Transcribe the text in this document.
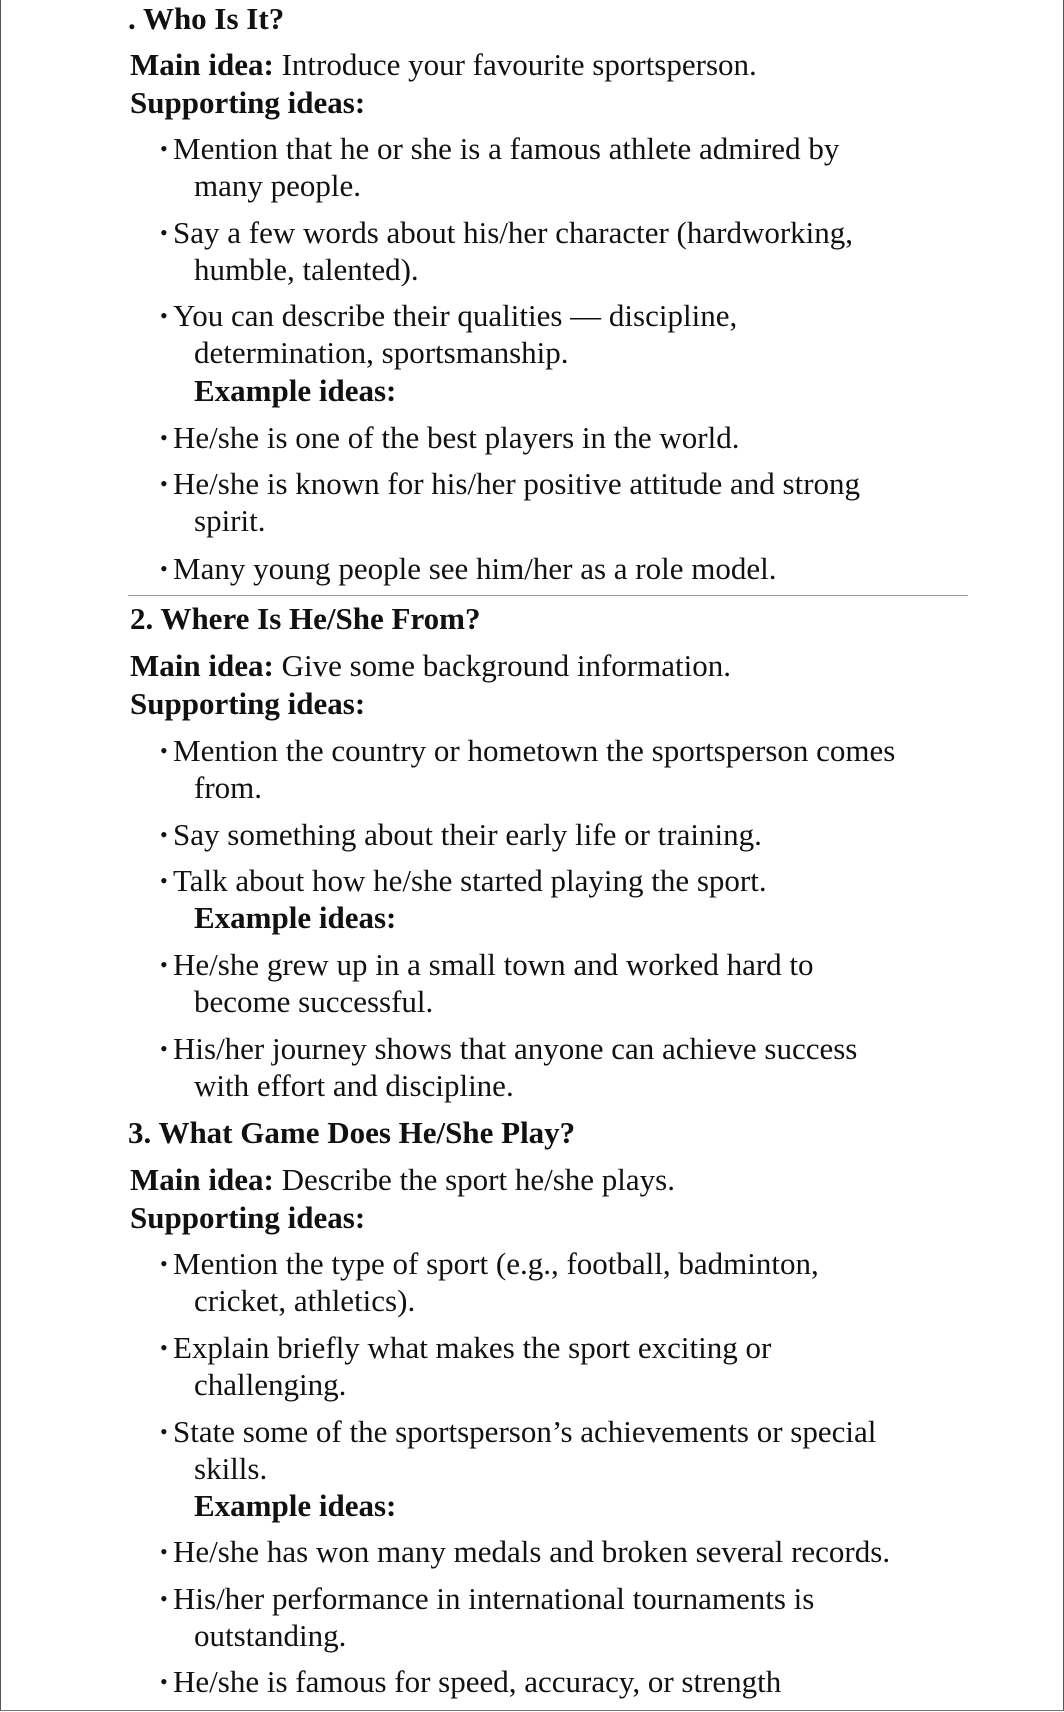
. Who Is It?
Main idea: Introduce your favourite sportsperson.
Supporting ideas:
• Mention that he or she is a famous athlete admired by
many people.
• Say a few words about his/her character (hardworking,
humble, talented).
• You can describe their qualities — discipline,
determination, sportsmanship.
Example ideas:
• He/she is one of the best players in the world.
• He/she is known for his/her positive attitude and strong
spirit.
• Many young people see him/her as a role model.
2. Where Is He/She From?
Main idea: Give some background information.
Supporting ideas:
• Mention the country or hometown the sportsperson comes
from.
• Say something about their early life or training.
• Talk about how he/she started playing the sport.
Example ideas:
• He/she grew up in a small town and worked hard to
become successful.
• His/her journey shows that anyone can achieve success
with effort and discipline.
3. What Game Does He/She Play?
Main idea: Describe the sport he/she plays.
Supporting ideas:
• Mention the type of sport (e.g., football, badminton,
cricket, athletics).
• Explain briefly what makes the sport exciting or
challenging.
• State some of the sportsperson’s achievements or special
skills.
Example ideas:
• He/she has won many medals and broken several records.
• His/her performance in international tournaments is
outstanding.
• He/she is famous for speed, accuracy, or strength
